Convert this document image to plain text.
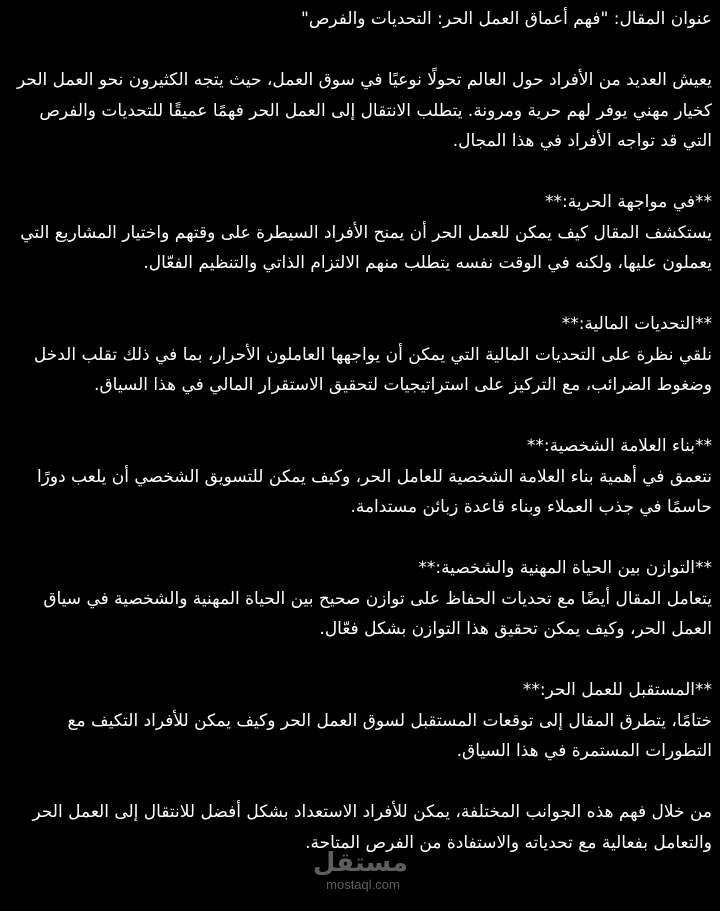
عنوان المقال: "فهم أعماق العمل الحر: التحديات والفرص"

يعيش العديد من الأفراد حول العالم تحولًا نوعيًا في سوق العمل، حيث يتجه الكثيرون نحو العمل الحر كخيار مهني يوفر لهم حرية ومرونة. يتطلب الانتقال إلى العمل الحر فهمًا عميقًا للتحديات والفرص التي قد تواجه الأفراد في هذا المجال.

**في مواجهة الحرية:**
يستكشف المقال كيف يمكن للعمل الحر أن يمنح الأفراد السيطرة على وقتهم واختيار المشاريع التي يعملون عليها، ولكنه في الوقت نفسه يتطلب منهم الالتزام الذاتي والتنظيم الفعّال.
**التحديات المالية:**
نلقي نظرة على التحديات المالية التي يمكن أن يواجهها العاملون الأحرار، بما في ذلك تقلب الدخل وضغوط الضرائب، مع التركيز على استراتيجيات لتحقيق الاستقرار المالي في هذا السياق.
**بناء العلامة الشخصية:**
نتعمق في أهمية بناء العلامة الشخصية للعامل الحر، وكيف يمكن للتسويق الشخصي أن يلعب دورًا حاسمًا في جذب العملاء وبناء قاعدة زبائن مستدامة.
**التوازن بين الحياة المهنية والشخصية:**
يتعامل المقال أيضًا مع تحديات الحفاظ على توازن صحيح بين الحياة المهنية والشخصية في سياق العمل الحر، وكيف يمكن تحقيق هذا التوازن بشكل فعّال.
**المستقبل للعمل الحر:**
ختامًا، يتطرق المقال إلى توقعات المستقبل لسوق العمل الحر وكيف يمكن للأفراد التكيف مع التطورات المستمرة في هذا السياق.

من خلال فهم هذه الجوانب المختلفة، يمكن للأفراد الاستعداد بشكل أفضل للانتقال إلى العمل الحر والتعامل بفعالية مع تحدياته والاستفادة من الفرص المتاحة.

مستقل
mostaql.com
